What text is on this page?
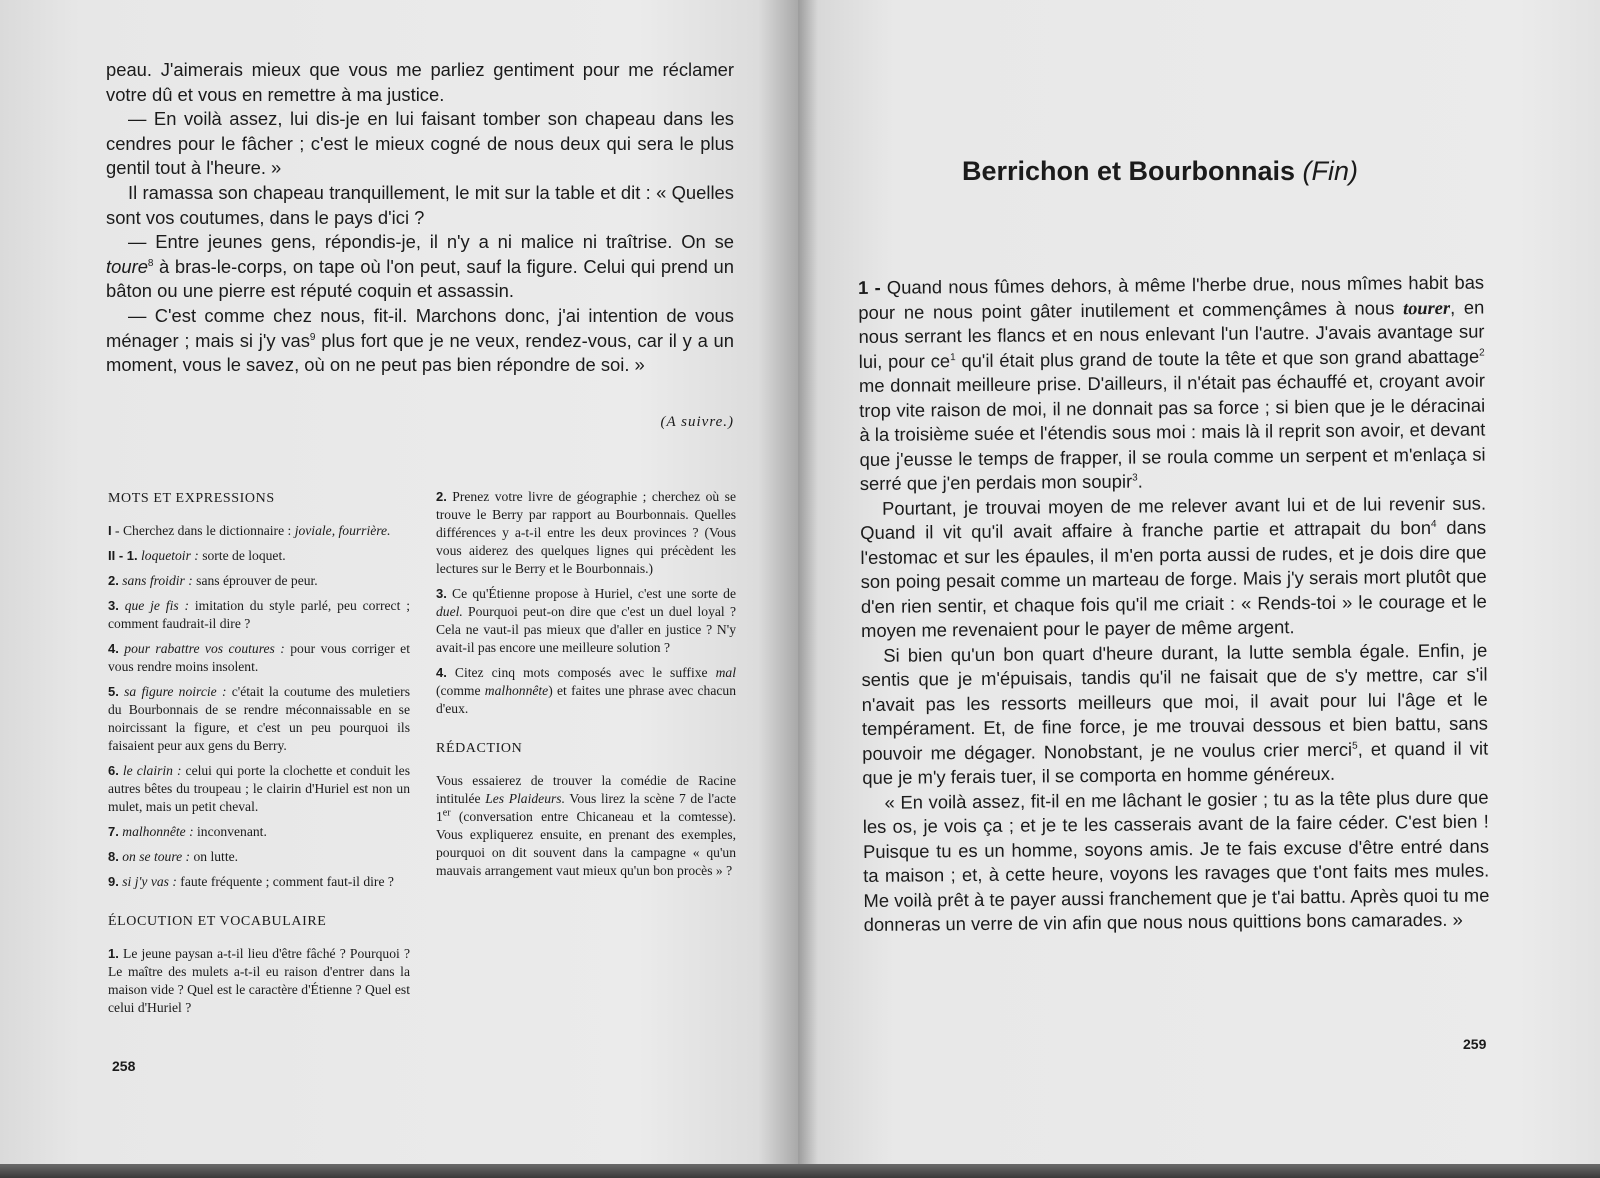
peau. J'aimerais mieux que vous me parliez gentiment pour me réclamer votre dû et vous en remettre à ma justice.

— En voilà assez, lui dis-je en lui faisant tomber son chapeau dans les cendres pour le fâcher ; c'est le mieux cogné de nous deux qui sera le plus gentil tout à l'heure. »

Il ramassa son chapeau tranquillement, le mit sur la table et dit : « Quelles sont vos coutumes, dans le pays d'ici ?

— Entre jeunes gens, répondis-je, il n'y a ni malice ni traîtrise. On se toure$^8$ à bras-le-corps, on tape où l'on peut, sauf la figure. Celui qui prend un bâton ou une pierre est réputé coquin et assassin.

— C'est comme chez nous, fit-il. Marchons donc, j'ai intention de vous ménager ; mais si j'y vas$^9$ plus fort que je ne veux, rendez-vous, car il y a un moment, vous le savez, où on ne peut pas bien répondre de soi. »

(A suivre.)
MOTS ET EXPRESSIONS
I - Cherchez dans le dictionnaire : joviale, fourrière.
II - 1. loquetoir : sorte de loquet.
2. sans froidir : sans éprouver de peur.
3. que je fis : imitation du style parlé, peu correct ; comment faudrait-il dire ?
4. pour rabattre vos coutures : pour vous corriger et vous rendre moins insolent.
5. sa figure noircie : c'était la coutume des muletiers du Bourbonnais de se rendre méconnaissable en se noircissant la figure, et c'est un peu pourquoi ils faisaient peur aux gens du Berry.
6. le clairin : celui qui porte la clochette et conduit les autres bêtes du troupeau ; le clairin d'Huriel est non un mulet, mais un petit cheval.
7. malhonnête : inconvenant.
8. on se toure : on lutte.
9. si j'y vas : faute fréquente ; comment faut-il dire ?
ÉLOCUTION ET VOCABULAIRE
1. Le jeune paysan a-t-il lieu d'être fâché ? Pourquoi ? Le maître des mulets a-t-il eu raison d'entrer dans la maison vide ? Quel est le caractère d'Étienne ? Quel est celui d'Huriel ?
2. Prenez votre livre de géographie ; cherchez où se trouve le Berry par rapport au Bourbonnais. Quelles différences y a-t-il entre les deux provinces ? (Vous vous aiderez des quelques lignes qui précèdent les lectures sur le Berry et le Bourbonnais.)
3. Ce qu'Étienne propose à Huriel, c'est une sorte de duel. Pourquoi peut-on dire que c'est un duel loyal ? Cela ne vaut-il pas mieux que d'aller en justice ? N'y avait-il pas encore une meilleure solution ?
4. Citez cinq mots composés avec le suffixe mal (comme malhonnête) et faites une phrase avec chacun d'eux.
RÉDACTION
Vous essaierez de trouver la comédie de Racine intitulée Les Plaideurs. Vous lirez la scène 7 de l'acte 1er (conversation entre Chicaneau et la comtesse). Vous expliquerez ensuite, en prenant des exemples, pourquoi on dit souvent dans la campagne « qu'un mauvais arrangement vaut mieux qu'un bon procès » ?
258
Berrichon et Bourbonnais (Fin)

1 - Quand nous fûmes dehors, à même l'herbe drue, nous mîmes habit bas pour ne nous point gâter inutilement et commençâmes à nous tourer, en nous serrant les flancs et en nous enlevant l'un l'autre. J'avais avantage sur lui, pour $ce^1$ qu'il était plus grand de toute la tête et que son grand abattage$^2$ me donnait meilleure prise. D'ailleurs, il n'était pas échauffé et, croyant avoir trop vite raison de moi, il ne donnait pas sa force ; si bien que je le déracinai à la troisième suée et l'étendis sous moi : mais là il reprit son avoir, et devant que j'eusse le temps de frapper, il se roula comme un serpent et m'enlaça si serré que j'en perdais mon soupir$^3$.

Pourtant, je trouvai moyen de me relever avant lui et de lui revenir sus. Quand il vit qu'il avait affaire à franche partie et attrapait du bon$^4$ dans l'estomac et sur les épaules, il m'en porta aussi de rudes, et je dois dire que son poing pesait comme un marteau de forge. Mais j'y serais mort plutôt que d'en rien sentir, et chaque fois qu'il me criait : « Rends-toi » le courage et le moyen me revenaient pour le payer de même argent.

Si bien qu'un bon quart d'heure durant, la lutte sembla égale. Enfin, je sentis que je m'épuisais, tandis qu'il ne faisait que de s'y mettre, car s'il n'avait pas les ressorts meilleurs que moi, il avait pour lui l'âge et le tempérament. Et, de fine force, je me trouvai dessous et bien battu, sans pouvoir me dégager. Nonobstant, je ne voulus crier merci$^5$, et quand il vit que je m'y ferais tuer, il se comporta en homme généreux.

« En voilà assez, fit-il en me lâchant le gosier ; tu as la tête plus dure que les os, je vois ça ; et je te les casserais avant de la faire céder. C'est bien ! Puisque tu es un homme, soyons amis. Je te fais excuse d'être entré dans ta maison ; et, à cette heure, voyons les ravages que t'ont faits mes mules. Me voilà prêt à te payer aussi franchement que je t'ai battu. Après quoi tu me donneras un verre de vin afin que nous nous quittions bons camarades. »

259
